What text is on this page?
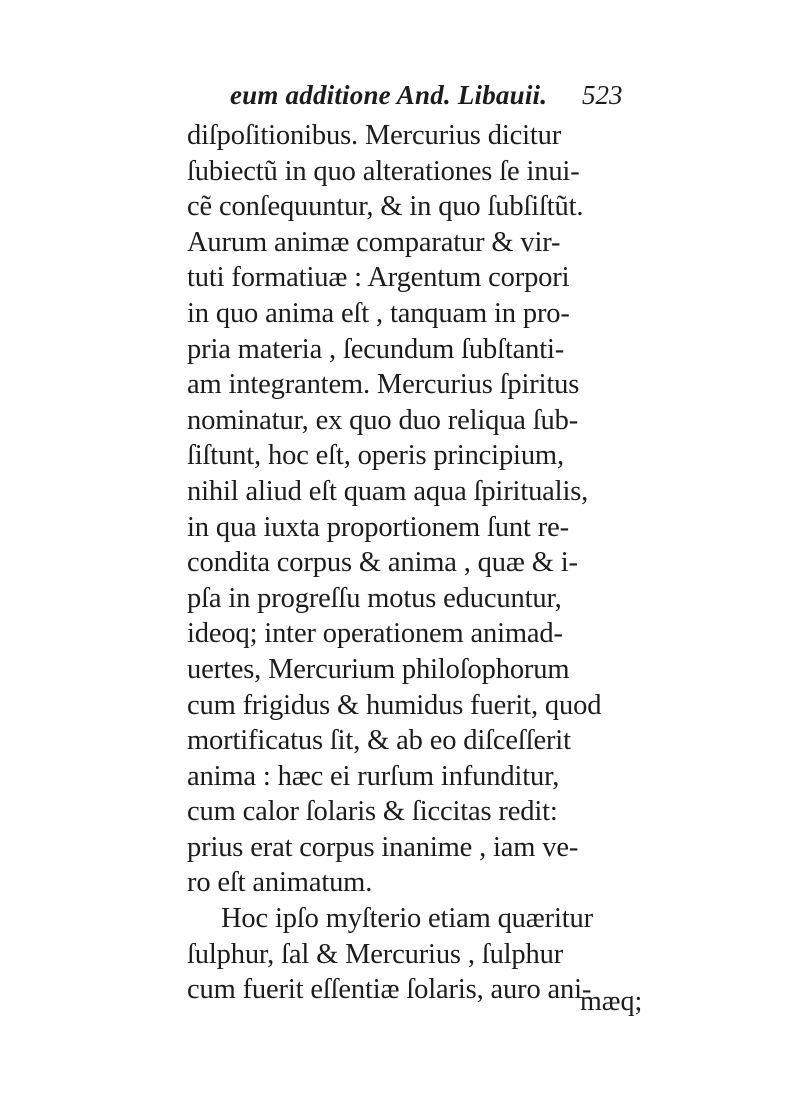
eum additione And. Libauii. 523
diſpoſitionibus. Mercurius dicitur
ſubiectũ in quo alterationes ſe inui-
cẽ conſequuntur, & in quo ſubſiſtũt.
Aurum animæ comparatur & vir-
tuti formatiuæ : Argentum corpori
in quo anima eſt , tanquam in pro-
pria materia , ſecundum ſubſtanti-
am integrantem. Mercurius ſpiritus
nominatur, ex quo duo reliqua ſub-
ſiſtunt, hoc eſt, operis principium,
nihil aliud eſt quam aqua ſpiritualis,
in qua iuxta proportionem ſunt re-
condita corpus & anima , quæ & i-
pſa in progreſſu motus educuntur,
ideoq; inter operationem animad-
uertes, Mercurium philoſophorum
cum frigidus & humidus fuerit, quod
mortificatus ſit, & ab eo diſceſſerit
anima : hæc ei rurſum infunditur,
cum calor ſolaris & ſiccitas redit:
prius erat corpus inanime , iam ve-
ro eſt animatum.
Hoc ipſo myſterio etiam quæritur
ſulphur, ſal & Mercurius , ſulphur
cum fuerit eſſentiæ ſolaris, auro ani-
mæq;
